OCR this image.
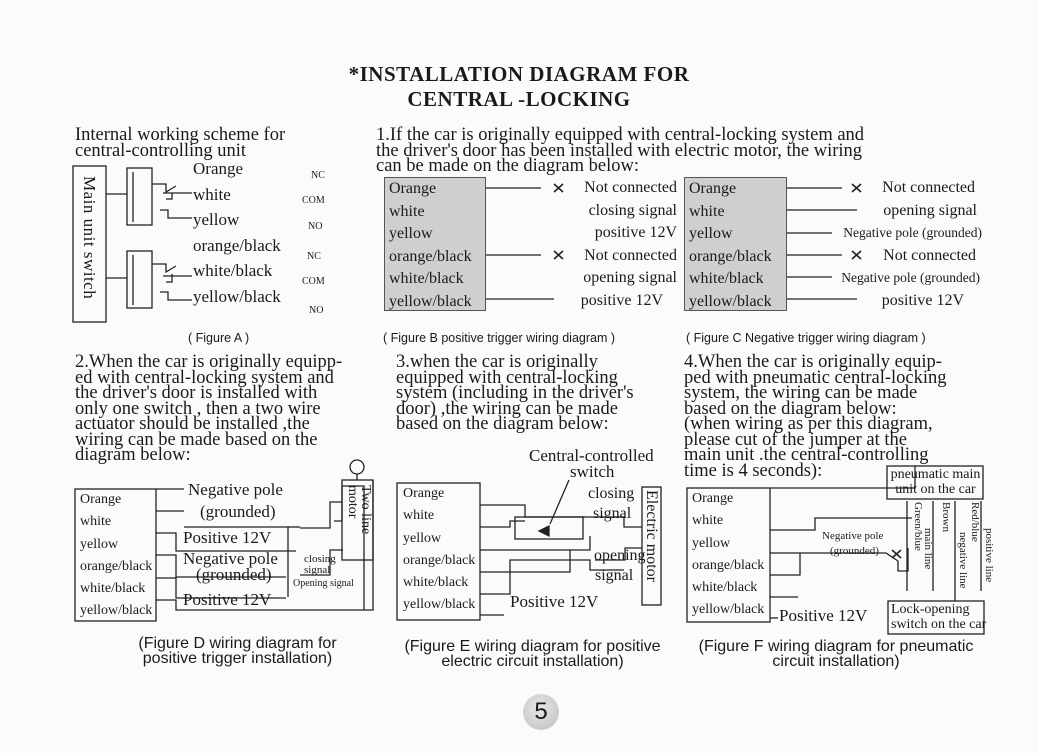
*INSTALLATION DIAGRAM FOR
CENTRAL -LOCKING
Internal working scheme for
central-controlling unit
Main unit switch
Orange
white
yellow
orange/black
white/black
yellow/black
NC
COM
NO
NC
COM
NO
( Figure A )
1.If the car is originally equipped with central-locking system and
the driver's door has been installed with electric motor, the wiring
can be made on the diagram below:
Orange
white
yellow
orange/black
white/black
yellow/black
Not connected
closing signal
positive 12V
Not connected
opening signal
positive 12V
( Figure B positive trigger wiring diagram )
Orange
white
yellow
orange/black
white/black
yellow/black
Not connected
opening signal
Negative pole (grounded)
Not connected
Negative pole (grounded)
positive 12V
( Figure C Negative trigger wiring diagram )
2.When the car is originally equipp-
ed with central-locking system and
the driver's door is installed with
only one switch , then a two wire
actuator should be installed ,the
wiring can be made based on the
diagram below:
3.when the car is originally
equipped with central-locking
system (including in the driver's
door) ,the wiring can be made
based on the diagram below:
4.When the car is originally equip-
ped with pneumatic central-locking
system, the wiring can be made
based on the diagram below:
(when wiring as per this diagram,
please cut of the jumper at the
main unit .the central-controlling
time is 4 seconds):
Orange
white
yellow
orange/black
white/black
yellow/black
Negative pole
(grounded)
Positive 12V
Negative pole
(grounded)
Positive 12V
closing
signal
Opening signal
Two line motor
(Figure D wiring diagram for
positive trigger installation)
Central-controlled
switch
Orange
white
yellow
orange/black
white/black
yellow/black
closing
signal
opening
signal
Positive 12V
Electric motor
(Figure E wiring diagram for positive
electric circuit installation)
pneumatic main
unit on the car
Orange
white
yellow
orange/black
white/black
yellow/black
Negative pole
(grounded)
Green/blue
main line
Brown
negative line
Red/blue
positive line
Positive 12V Lock-opening
switch on the car
(Figure F wiring diagram for pneumatic
circuit installation)
5
